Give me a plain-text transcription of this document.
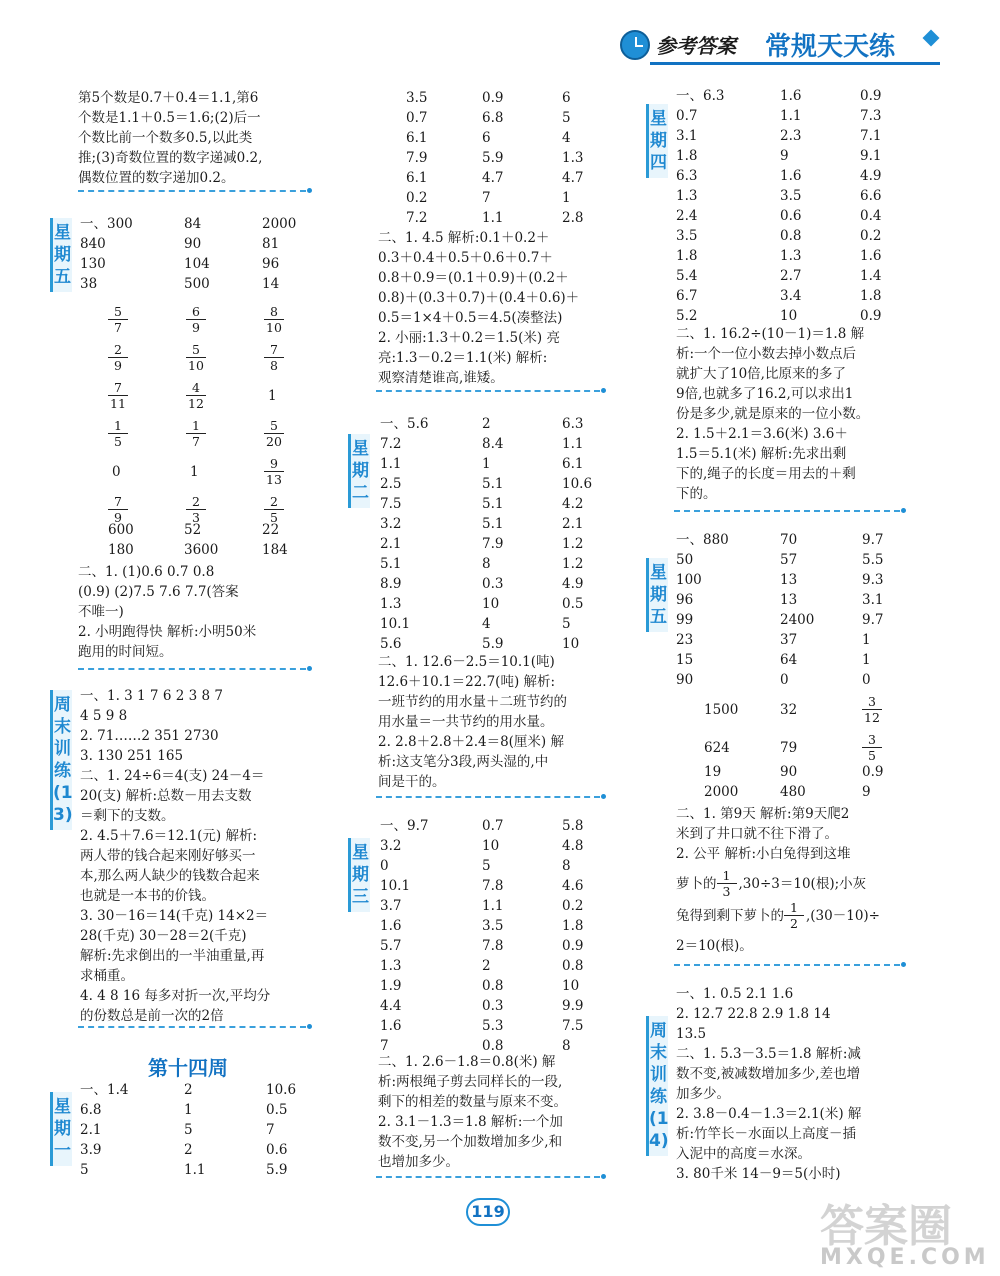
参考答案 常规天天练
第5个数是0.7＋0.4＝1.1,第6
个数是1.1＋0.5＝1.6;(2)后一
个数比前一个数多0.5,以此类
推;(3)奇数位置的数字递减0.2,
偶数位置的数字递加0.2。
星期五
一、300	84	2000
840	90	81
130	104	96
38	500	14
$\frac{5}{7}$	$\frac{6}{9}$	$\frac{8}{10}$
$\frac{2}{9}$	$\frac{5}{10}$	$\frac{7}{8}$
$\frac{7}{11}$	$\frac{4}{12}$	1
$\frac{1}{5}$	$\frac{1}{7}$	$\frac{5}{20}$
0	1	$\frac{9}{13}$
$\frac{7}{9}$	$\frac{2}{3}$	$\frac{2}{5}$
600	52	22
180	3600	184
二、1. (1)0.6 0.7 0.8
(0.9) (2)7.5 7.6 7.7(答案
不唯一)
2. 小明跑得快 解析:小明50米
跑用的时间短。
周末训练(13)
一、1. 3 1 7 6 2 3 8 7
4 5 9 8
2. 71……2 351 2730
3. 130 251 165
二、1. 24÷6＝4(支) 24－4＝
20(支) 解析:总数－用去支数
＝剩下的支数。
2. 4.5＋7.6＝12.1(元) 解析:
两人带的钱合起来刚好够买一
本,那么两人缺少的钱数合起来
也就是一本书的价钱。
3. 30－16＝14(千克) 14×2＝
28(千克) 30－28＝2(千克)
解析:先求倒出的一半油重量,再
求桶重。
4. 4 8 16 每多对折一次,平均分
的份数总是前一次的2倍
第十四周
星期一
一、1.4	2	10.6
6.8	1	0.5
2.1	5	7
3.9	2	0.6
5	1.1	5.9
3.5	0.9	6
0.7	6.8	5
6.1	6	4
7.9	5.9	1.3
6.1	4.7	4.7
0.2	7	1
7.2	1.1	2.8
二、1. 4.5 解析:0.1＋0.2＋
0.3＋0.4＋0.5＋0.6＋0.7＋
0.8＋0.9＝(0.1＋0.9)＋(0.2＋
0.8)＋(0.3＋0.7)＋(0.4＋0.6)＋
0.5＝1×4＋0.5＝4.5(凑整法)
2. 小丽:1.3＋0.2＝1.5(米) 亮
亮:1.3－0.2＝1.1(米) 解析:
观察清楚谁高,谁矮。
星期二
一、5.6	2	6.3
7.2	8.4	1.1
1.1	1	6.1
2.5	5.1	10.6
7.5	5.1	4.2
3.2	5.1	2.1
2.1	7.9	1.2
5.1	8	1.2
8.9	0.3	4.9
1.3	10	0.5
10.1	4	5
5.6	5.9	10
二、1. 12.6－2.5＝10.1(吨)
12.6＋10.1＝22.7(吨) 解析:
一班节约的用水量＋二班节约的
用水量＝一共节约的用水量。
2. 2.8＋2.8＋2.4＝8(厘米) 解
析:这支笔分3段,两头湿的,中
间是干的。
星期三
一、9.7	0.7	5.8
3.2	10	4.8
0	5	8
10.1	7.8	4.6
3.7	1.1	0.2
1.6	3.5	1.8
5.7	7.8	0.9
1.3	2	0.8
1.9	0.8	10
4.4	0.3	9.9
1.6	5.3	7.5
7	0.8	8
二、1. 2.6－1.8＝0.8(米) 解
析:两根绳子剪去同样长的一段,
剩下的相差的数量与原来不变。
2. 3.1－1.3＝1.8 解析:一个加
数不变,另一个加数增加多少,和
也增加多少。
星期四
一、6.3	1.6	0.9
0.7	1.1	7.3
3.1	2.3	7.1
1.8	9	9.1
6.3	1.6	4.9
1.3	3.5	6.6
2.4	0.6	0.4
3.5	0.8	0.2
1.8	1.3	1.6
5.4	2.7	1.4
6.7	3.4	1.8
5.2	10	0.9
二、1. 16.2÷(10－1)＝1.8 解
析:一个一位小数去掉小数点后
就扩大了10倍,比原来的多了
9倍,也就多了16.2,可以求出1
份是多少,就是原来的一位小数。
2. 1.5＋2.1＝3.6(米) 3.6＋
1.5＝5.1(米) 解析:先求出剩
下的,绳子的长度＝用去的＋剩
下的。
星期五
一、880	70	9.7
50	57	5.5
100	13	9.3
96	13	3.1
99	2400	9.7
23	37	1
15	64	1
90	0	0
1500	32	$\frac{3}{12}$
624	79	$\frac{3}{5}$
19	90	0.9
2000	480	9
二、1. 第9天 解析:第9天爬2
米到了井口就不往下滑了。
2. 公平 解析:小白兔得到这堆
萝卜的 $\frac{1}{3} ,30\div 3=10$(根);小灰
兔得到剩下萝卜的 $\frac{1}{2} ,(30-10)\div$
2＝10(根)。
周末训练(14)
一、1. 0.5 2.1 1.6
2. 12.7 22.8 2.9 1.8 14
13.5
二、1. 5.3－3.5＝1.8 解析:减
数不变,被减数增加多少,差也增
加多少。
2. 3.8－0.4－1.3＝2.1(米) 解
析:竹竿长－水面以上高度－插
入泥中的高度＝水深。
3. 80千米 14－9＝5(小时)
119	答案圈
MXQE.COM
